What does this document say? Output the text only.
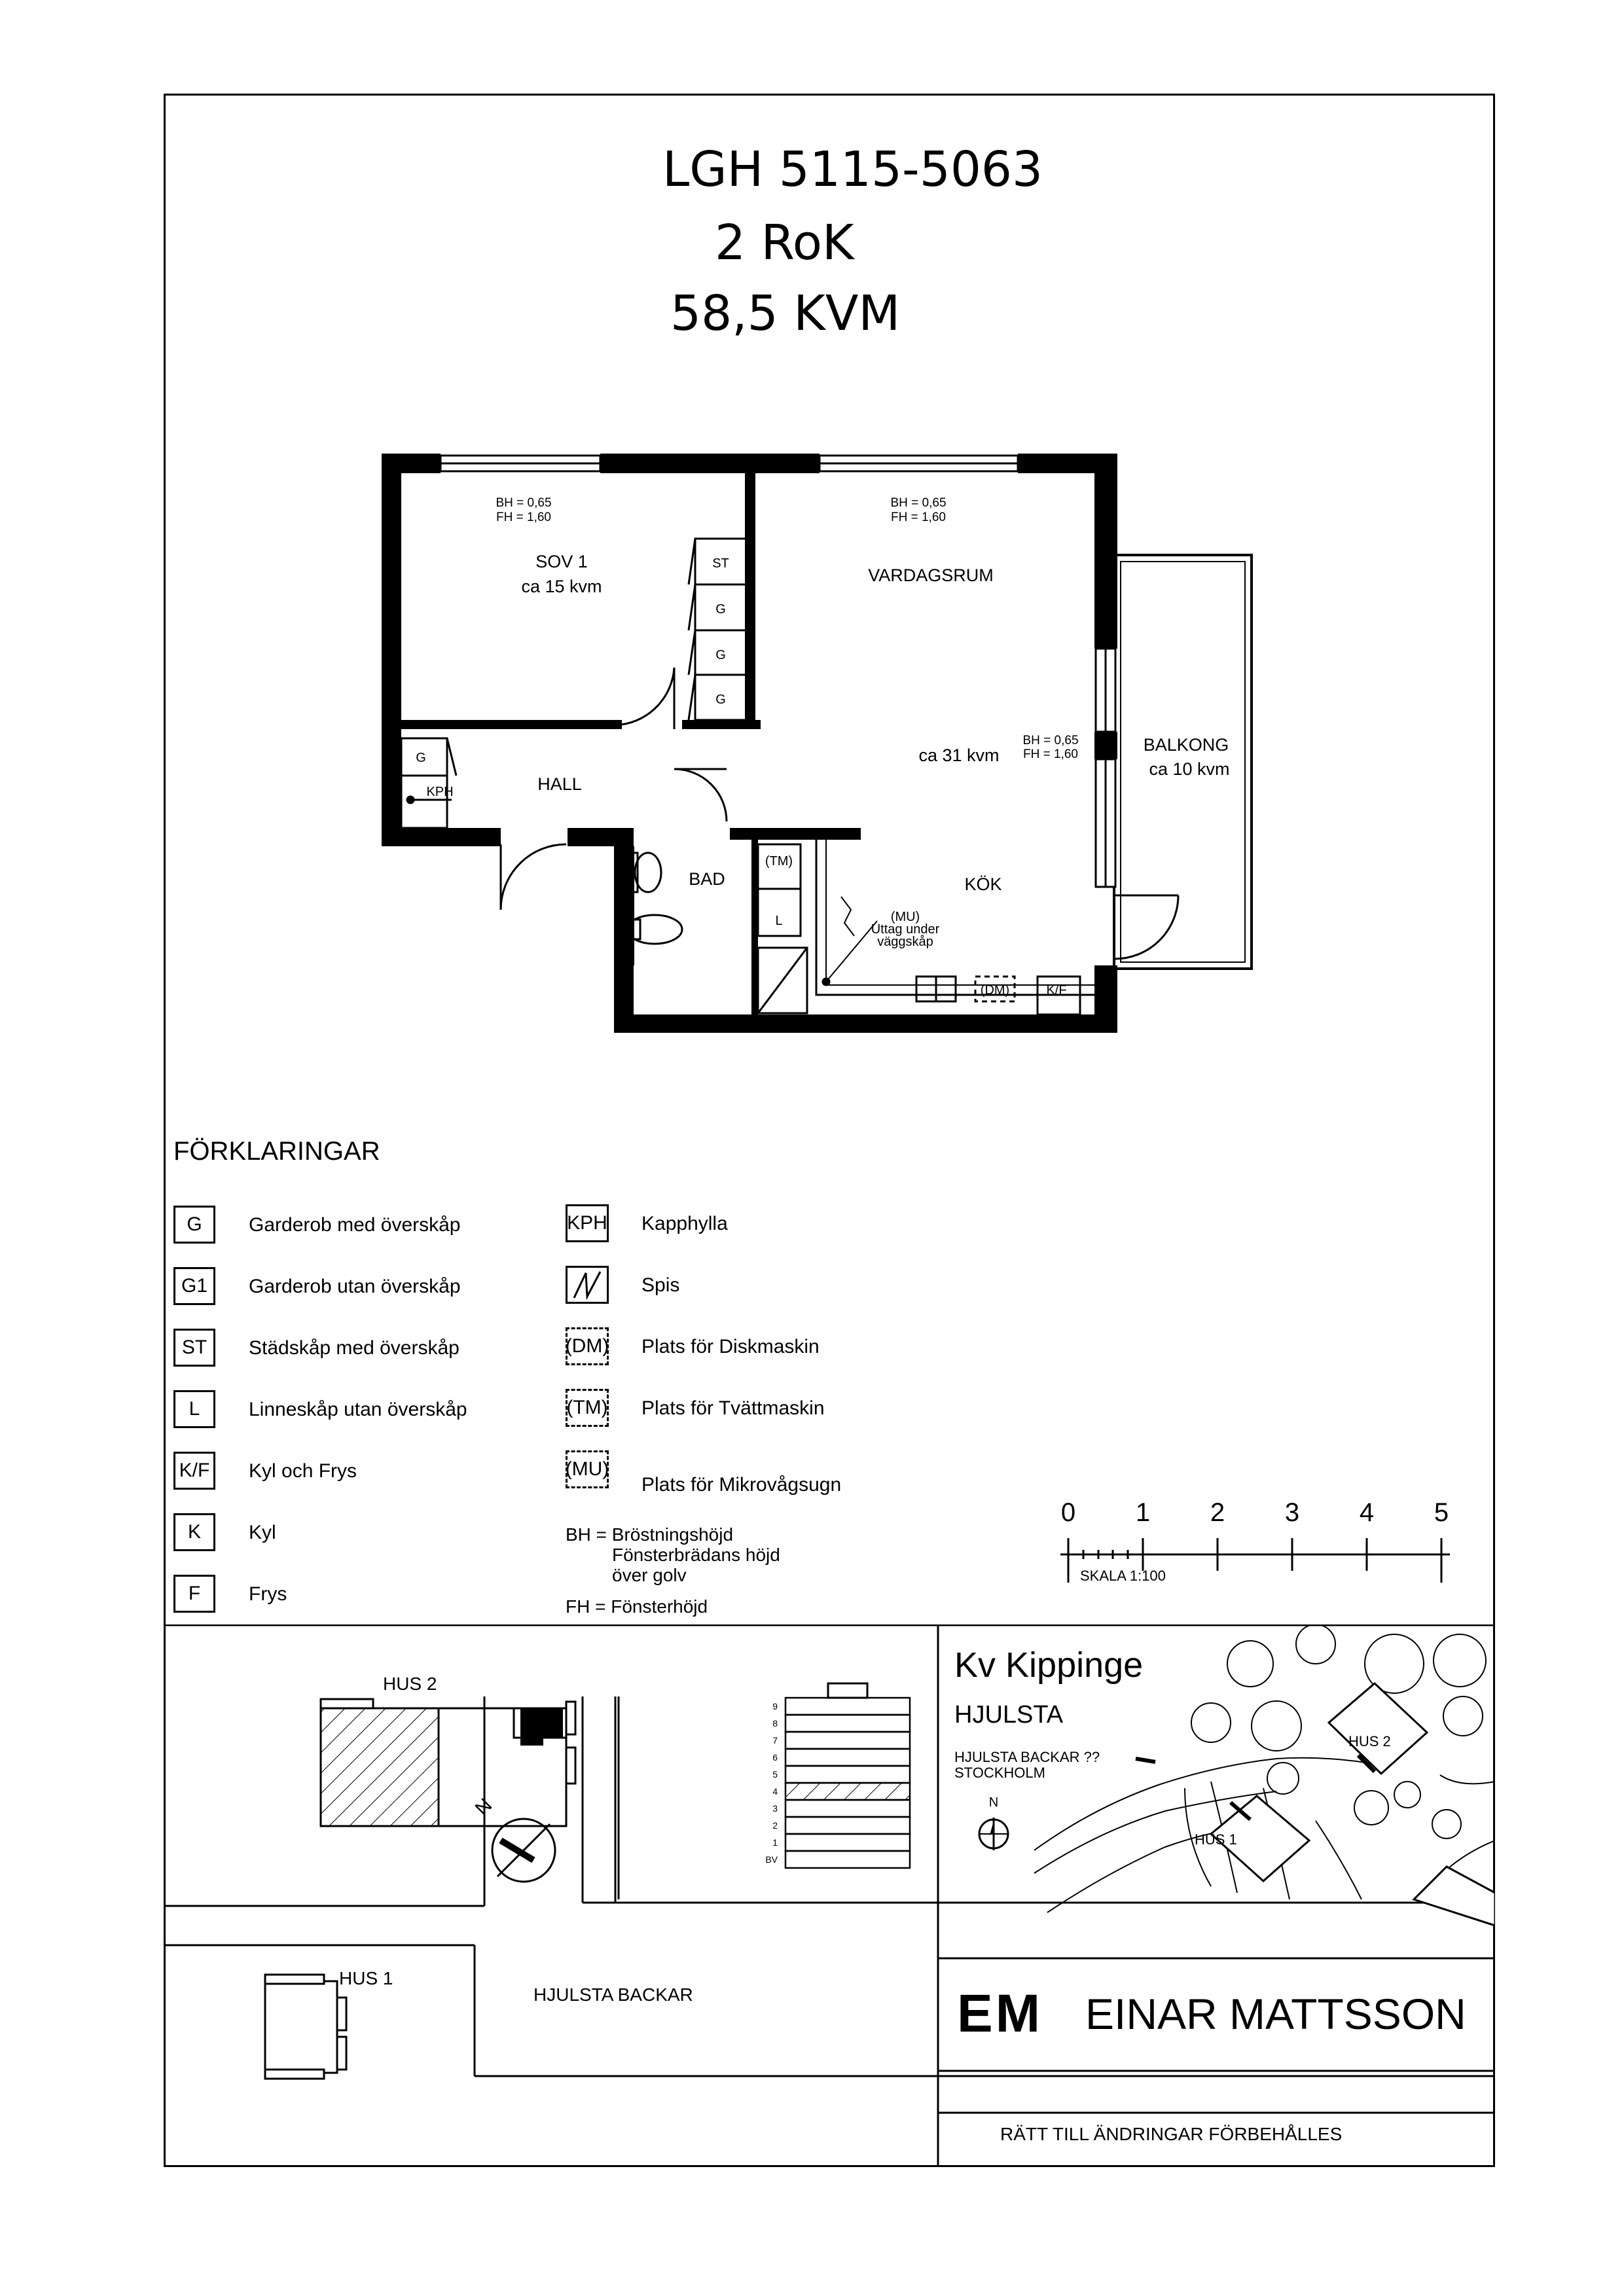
LGH 5115-5063
2 RoK
58,5 KVM
SOV 1
ca 15 kvm
VARDAGSRUM
ca 31 kvm
BALKONG
ca 10 kvm
HALL
BAD	KÖK
BH = 0,65
FH = 1,60
BH = 0,65
FH = 1,60
BH = 0,65
FH = 1,60
ST
G
G
G
G
KPH
(TM)
L	(MU)
Uttag under
väggskåp
(DM)	K/F
FÖRKLARINGAR
G	Garderob med överskåp
G1	Garderob utan överskåp
ST	Städskåp med överskåp
L	Linneskåp utan överskåp
K/F Kyl och Frys
K	Kyl
F	Frys
KPH Kapphylla
Spis
(DM) Plats för Diskmaskin
(TM) Plats för Tvättmaskin
(MU)
Plats för Mikrovågsugn
BH = Bröstningshöjd
Fönsterbrädans höjd
över golv
FH = Fönsterhöjd
0 1 2 3 4 5
SKALA 1:100
HUS 2
N
HUS 1
HJULSTA BACKAR
9
8
7
6
5
4
3
2
1
BV
Kv Kippinge
HJULSTA
HJULSTA BACKAR ??
STOCKHOLM
N
HUS 2
HUS 1
EM EINAR MATTSSON
RÄTT TILL ÄNDRINGAR FÖRBEHÅLLES
